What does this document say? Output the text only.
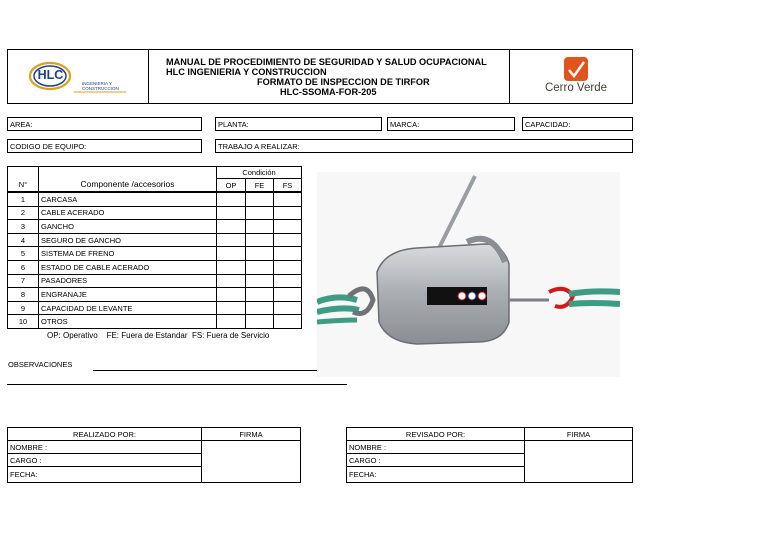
HLC
INGENIERIA Y
CONSTRUCCION
MANUAL DE PROCEDIMIENTO DE SEGURIDAD Y SALUD OCUPACIONAL
HLC INGENIERIA Y CONSTRUCCION
FORMATO DE INSPECCION DE TIRFOR
HLC-SSOMA-FOR-205	Cerro Verde
AREA:	PLANTA:	MARCA:	CAPACIDAD:
CODIGO DE EQUIPO:	TRABAJO A REALIZAR:
Condición
N°	Componente /accesorios	OP	FE	FS
1	CARCASA
2	CABLE ACERADO
3	GANCHO
4	SEGURO DE GANCHO
5	SISTEMA DE FRENO
6	ESTADO DE CABLE ACERADO
7	PASADORES
8	ENGRANAJE
9	CAPACIDAD DE LEVANTE
10	OTROS
OP: Operativo    FE: Fuera de Estandar  FS: Fuera de Servicio
OBSERVACIONES
REALIZADO POR:	FIRMA
NOMBRE :
CARGO :
FECHA:
REVISADO POR:	FIRMA
NOMBRE :
CARGO :
FECHA:
